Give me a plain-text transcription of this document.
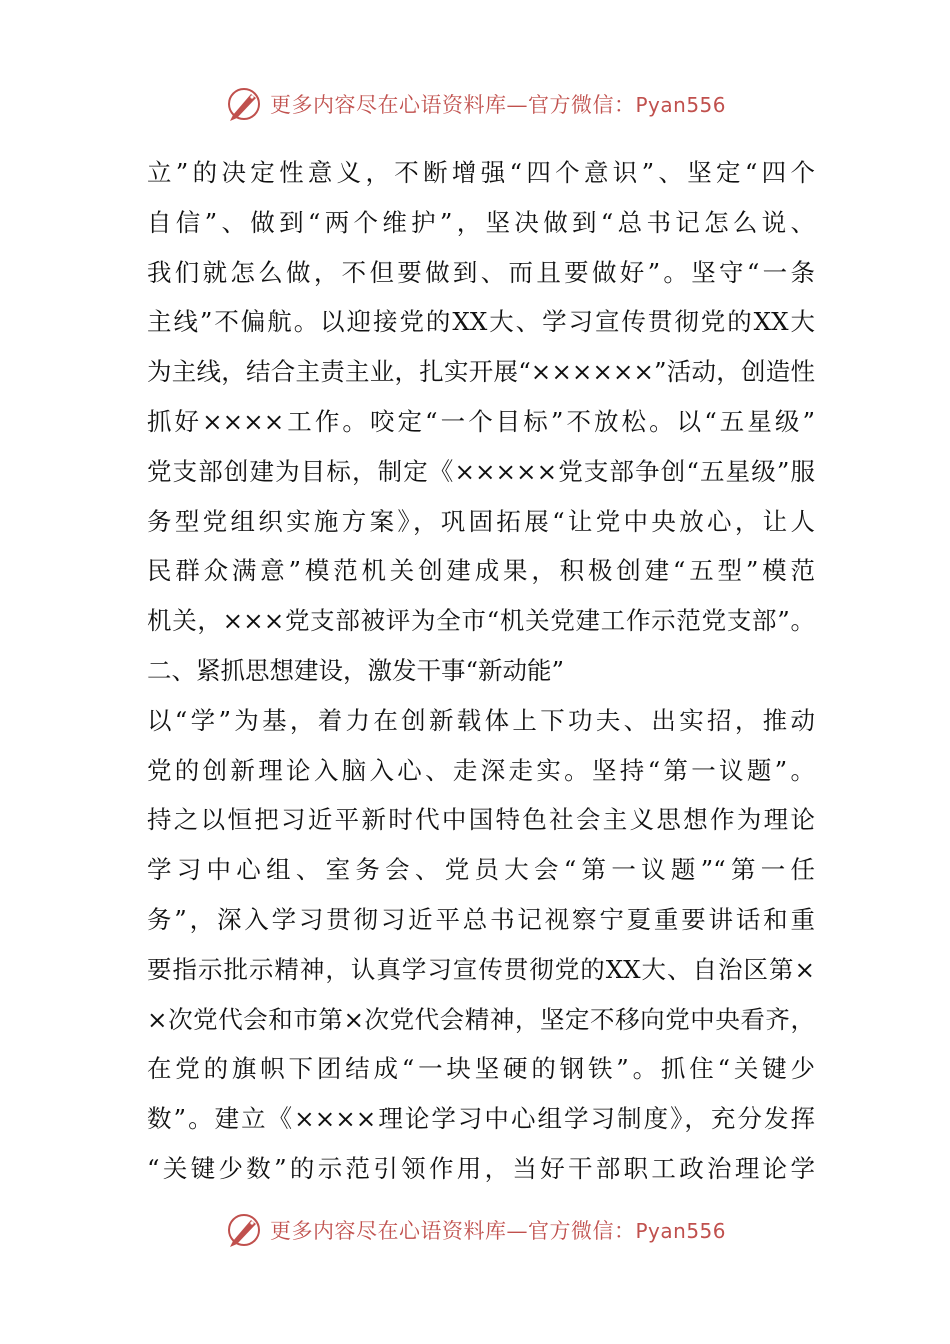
更多内容尽在心语资料库—官方微信：Pyan556
立”的决定性意义，不断增强“四个意识”、坚定“四个
自信”、做到“两个维护”，坚决做到“总书记怎么说、
我们就怎么做，不但要做到、而且要做好”。坚守“一条
主线”不偏航。以迎接党的XX大、学习宣传贯彻党的XX大
为主线，结合主责主业，扎实开展“××××××”活动，创造性
抓好××××工作。咬定“一个目标”不放松。以“五星级”
党支部创建为目标，制定《×××××党支部争创“五星级”服
务型党组织实施方案》，巩固拓展“让党中央放心，让人
民群众满意”模范机关创建成果，积极创建“五型”模范
机关，×××党支部被评为全市“机关党建工作示范党支部”。
二、紧抓思想建设，激发干事“新动能”
以“学”为基，着力在创新载体上下功夫、出实招，推动
党的创新理论入脑入心、走深走实。坚持“第一议题”。
持之以恒把习近平新时代中国特色社会主义思想作为理论
学习中心组、室务会、党员大会“第一议题”“第一任
务”，深入学习贯彻习近平总书记视察宁夏重要讲话和重
要指示批示精神，认真学习宣传贯彻党的XX大、自治区第×
×次党代会和市第×次党代会精神，坚定不移向党中央看齐，
在党的旗帜下团结成“一块坚硬的钢铁”。抓住“关键少
数”。建立《××××理论学习中心组学习制度》，充分发挥
“关键少数”的示范引领作用，当好干部职工政治理论学
更多内容尽在心语资料库—官方微信：Pyan556
